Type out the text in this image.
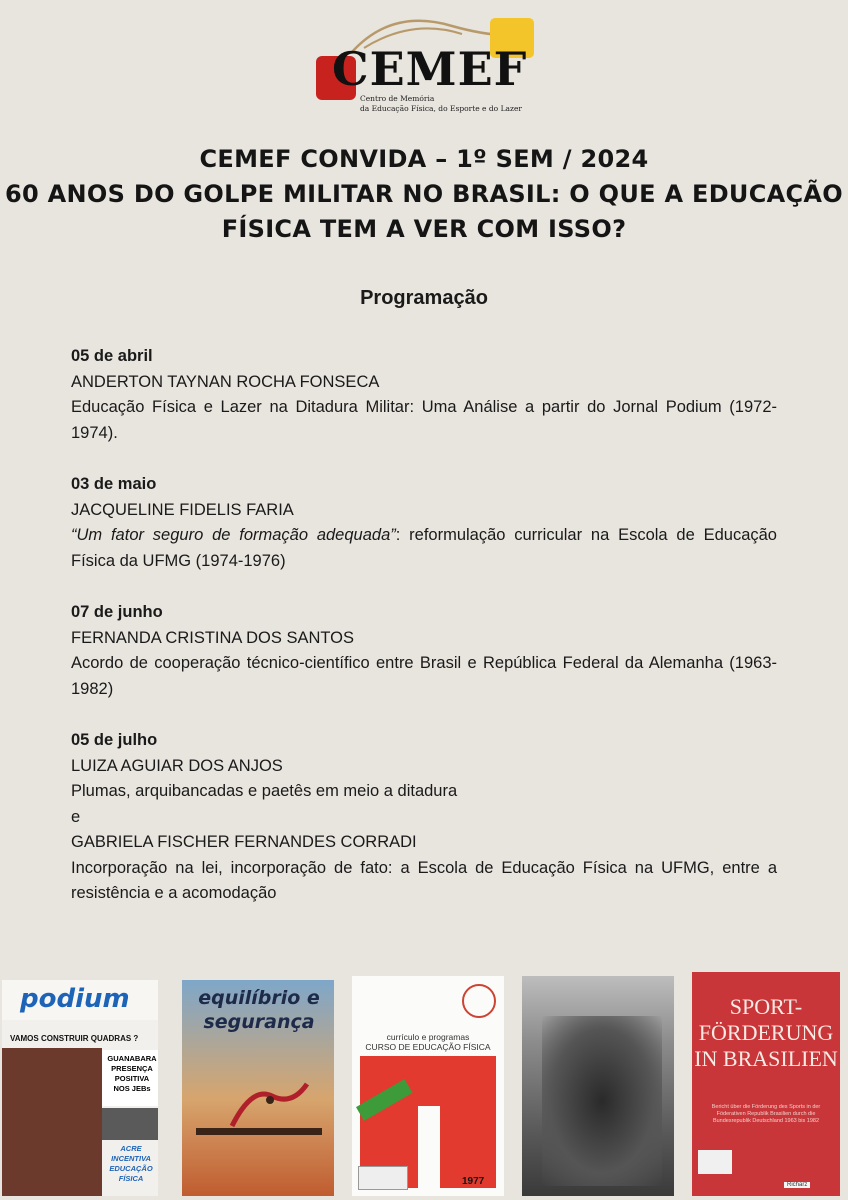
CEMEF
Centro de Memória
da Educação Física, do Esporte e do Lazer
CEMEF CONVIDA – 1º SEM / 2024
60 ANOS DO GOLPE MILITAR NO BRASIL: O QUE A EDUCAÇÃO
FÍSICA TEM A VER COM ISSO?
Programação
05 de abril
ANDERTON TAYNAN ROCHA FONSECA
Educação Física e Lazer na Ditadura Militar: Uma Análise a partir do Jornal Podium (1972-1974).
03 de maio
JACQUELINE FIDELIS FARIA
“Um fator seguro de formação adequada”: reformulação curricular na Escola de Educação Física da UFMG (1974-1976)
07 de junho
FERNANDA CRISTINA DOS SANTOS
Acordo de cooperação técnico-científico entre Brasil e República Federal da Alemanha (1963-1982)
05 de julho
LUIZA AGUIAR DOS ANJOS
Plumas, arquibancadas e paetês em meio a ditadura
e
GABRIELA FISCHER FERNANDES CORRADI
Incorporação na lei, incorporação de fato: a Escola de Educação Física na UFMG, entre a resistência e a acomodação
podium
VAMOS CONSTRUIR QUADRAS ?
GUANABARA PRESENÇA POSITIVA NOS JEBs
ACRE INCENTIVA EDUCAÇÃO FÍSICA
equilíbrio e segurança
currículo e programas
CURSO DE EDUCAÇÃO FÍSICA
1977
SPORT-FÖRDERUNG IN BRASILIEN
Bericht über die Förderung des Sports in der Föderativen Republik Brasilien durch die Bundesrepublik Deutschland 1963 bis 1982
Richarz
